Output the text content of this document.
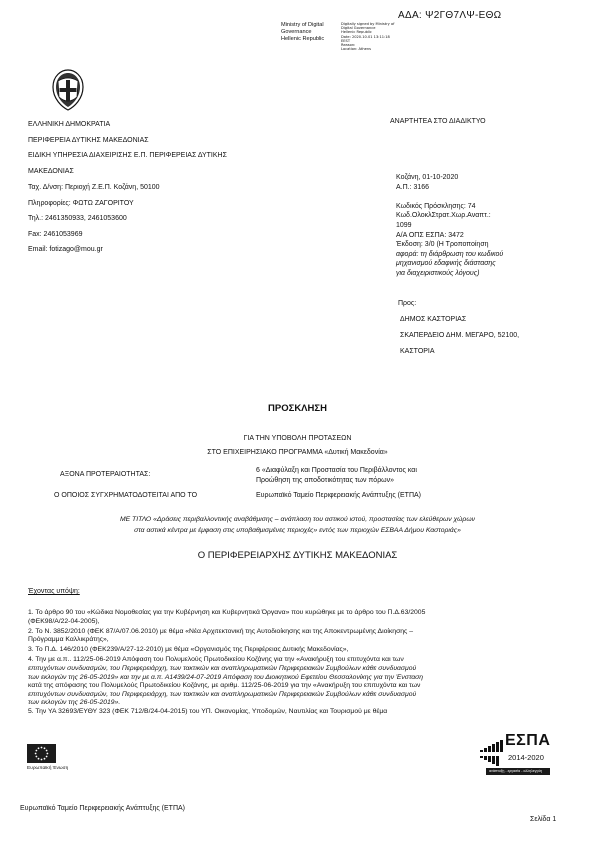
ΑΔΑ: Ψ2ΓΘ7ΛΨ-ΕΘΩ
Ministry of Digital
Governance
Hellenic Republic
Digitally signed by Ministry of
Digital Governance
Hellenic Republic
Date: 2020.10.01 13:11:18
EEST
Reason:
Location: Athens
ΕΛΛΗΝΙΚΗ ΔΗΜΟΚΡΑΤΙΑ
ΠΕΡΙΦΕΡΕΙΑ ΔΥΤΙΚΗΣ ΜΑΚΕΔΟΝΙΑΣ
ΕΙΔΙΚΗ ΥΠΗΡΕΣΙΑ ΔΙΑΧΕΙΡΙΣΗΣ Ε.Π. ΠΕΡΙΦΕΡΕΙΑΣ ΔΥΤΙΚΗΣ
ΜΑΚΕΔΟΝΙΑΣ
Ταχ. Δ/νση: Περιοχή Ζ.Ε.Π. Κοζάνη, 50100
Πληροφορίες: ΦΩΤΩ ΖΑΓΟΡΙΤΟΥ
Τηλ.: 2461350933, 2461053600
Fax: 2461053969
Email: fotizago@mou.gr
ΑΝΑΡΤΗΤΕΑ ΣΤΟ ΔΙΑΔΙΚΤΥΟ
Κοζάνη, 01-10-2020
Α.Π.: 3166

Κωδικός Πρόσκλησης: 74
Κωδ.ΟλοκλΣτρατ.Χωρ.Αναπτ.:
1099
Α/Α ΟΠΣ ΕΣΠΑ: 3472
Έκδοση: 3/0 (Η Τροποποίηση
αφορά: τη διάρθρωση του κωδικού
μηχανισμού εδαφικής διάστασης
για διαχειριστικούς λόγους)
Προς:
ΔΗΜΟΣ ΚΑΣΤΟΡΙΑΣ
ΣΚΑΠΕΡΔΕΙΟ ΔΗΜ. ΜΕΓΑΡΟ, 52100,
ΚΑΣΤΟΡΙΑ
ΠΡΟΣΚΛΗΣΗ
ΓΙΑ ΤΗΝ ΥΠΟΒΟΛΗ ΠΡΟΤΑΣΕΩΝ
ΣΤΟ ΕΠΙΧΕΙΡΗΣΙΑΚΟ ΠΡΟΓΡΑΜΜΑ «Δυτική Μακεδονία»
ΑΞΟΝΑ ΠΡΟΤΕΡΑΙΟΤΗΤΑΣ:
6 «Διαφύλαξη και Προστασία του Περιβάλλοντος και
Προώθηση της αποδοτικότητας των πόρων»
Ο ΟΠΟΙΟΣ ΣΥΓΧΡΗΜΑΤΟΔΟΤΕΙΤΑΙ ΑΠΟ ΤΟ	Ευρωπαϊκό Ταμείο Περιφερειακής Ανάπτυξης (ΕΤΠΑ)
ΜΕ ΤΙΤΛΟ «Δράσεις περιβαλλοντικής αναβάθμισης – ανάπλαση του αστικού ιστού, προστασίας των ελεύθερων χώρων
στα αστικά κέντρα με έμφαση στις υποβαθμισμένες περιοχές» εντός των περιοχών ΕΣΒΑΑ Δήμου Καστοριάς»
Ο ΠΕΡΙΦΕΡΕΙΑΡΧΗΣ ΔΥΤΙΚΗΣ ΜΑΚΕΔΟΝΙΑΣ
Έχοντας υπόψη:
1. Το άρθρο 90 του «Κώδικα Νομοθεσίας για την Κυβέρνηση και Κυβερνητικά Όργανα» που κυρώθηκε με το άρθρο του Π.Δ.63/2005
(ΦΕΚ98/Α/22-04-2005),
2. Το Ν. 3852/2010 (ΦΕΚ 87/Α/07.06.2010) με θέμα «Νέα Αρχιτεκτονική της Αυτοδιοίκησης και της Αποκεντρωμένης Διοίκησης –
Πρόγραμμα Καλλικράτης»,
3. Το Π.Δ. 146/2010 (ΦΕΚ239/Α/27-12-2010) με θέμα «Οργανισμός της Περιφέρειας Δυτικής Μακεδονίας»,
4. Την με α.π.. 112/25-06-2019 Απόφαση του Πολυμελούς Πρωτοδικείου Κοζάνης για την «Ανακήρυξη του επιτυχόντα και των
επιτυχόντων συνδυασμών, του Περιφερειάρχη, των τακτικών και αναπληρωματικών Περιφερειακών Συμβούλων κάθε συνδυασμού
των εκλογών της 26-05-2019» και την με α.π. Α1439/24-07-2019 Απόφαση του Διοικητικού Εφετείου Θεσσαλονίκης για την Ένσταση
κατά της απόφασης του Πολυμελούς Πρωτοδικείου Κοζάνης, με αριθμ. 112/25-06-2019 για την «Ανακήρυξη του επιτυχόντα και των
επιτυχόντων συνδυασμών, του Περιφερειάρχη, των τακτικών και αναπληρωματικών Περιφερειακών Συμβούλων κάθε συνδυασμού
των εκλογών της 26-05-2019».
5. Την ΥΑ 32693/ΕΥΘΥ 323 (ΦΕΚ 712/Β/24-04-2015) του ΥΠ. Οικονομίας, Υποδομών, Ναυτιλίας και Τουρισμού με θέμα
Ευρωπαϊκή Ένωση
ΕΣΠΑ
2014-2020
ανάπτυξη - εργασία - αλληλεγγύη
Ευρωπαϊκό Ταμείο Περιφερειακής Ανάπτυξης (ΕΤΠΑ)
Σελίδα 1
